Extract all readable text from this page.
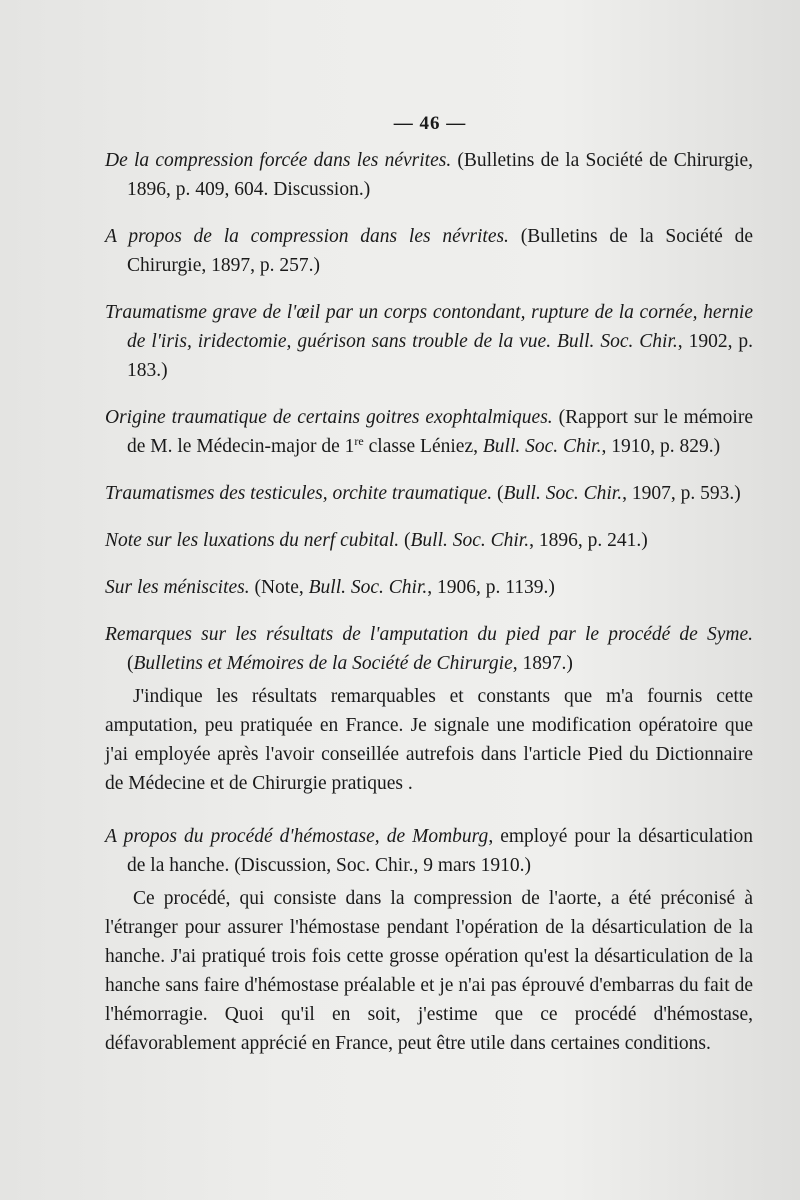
— 46 —

De la compression forcée dans les névrites. (Bulletins de la Société de Chirurgie, 1896, p. 409, 604. Discussion.)

A propos de la compression dans les névrites. (Bulletins de la Société de Chirurgie, 1897, p. 257.)

Traumatisme grave de l'œil par un corps contondant, rupture de la cornée, hernie de l'iris, iridectomie, guérison sans trouble de la vue. Bull. Soc. Chir., 1902, p. 183.)

Origine traumatique de certains goitres exophtalmiques. (Rapport sur le mémoire de M. le Médecin-major de 1re classe Léniez, Bull. Soc. Chir., 1910, p. 829.)

Traumatismes des testicules, orchite traumatique. (Bull. Soc. Chir., 1907, p. 593.)

Note sur les luxations du nerf cubital. (Bull. Soc. Chir., 1896, p. 241.)

Sur les méniscites. (Note, Bull. Soc. Chir., 1906, p. 1139.)

Remarques sur les résultats de l'amputation du pied par le procédé de Syme. (Bulletins et Mémoires de la Société de Chirurgie, 1897.)

J'indique les résultats remarquables et constants que m'a fournis cette amputation, peu pratiquée en France. Je signale une modification opératoire que j'ai employée après l'avoir conseillée autrefois dans l'article Pied du Dictionnaire de Médecine et de Chirurgie pratiques .

A propos du procédé d'hémostase, de Momburg, employé pour la désarticulation de la hanche. (Discussion, Soc. Chir., 9 mars 1910.)

Ce procédé, qui consiste dans la compression de l'aorte, a été préconisé à l'étranger pour assurer l'hémostase pendant l'opération de la désarticulation de la hanche. J'ai pratiqué trois fois cette grosse opération qu'est la désarticulation de la hanche sans faire d'hémostase préalable et je n'ai pas éprouvé d'embarras du fait de l'hémorragie. Quoi qu'il en soit, j'estime que ce procédé d'hémostase, défavorablement apprécié en France, peut être utile dans certaines conditions.
